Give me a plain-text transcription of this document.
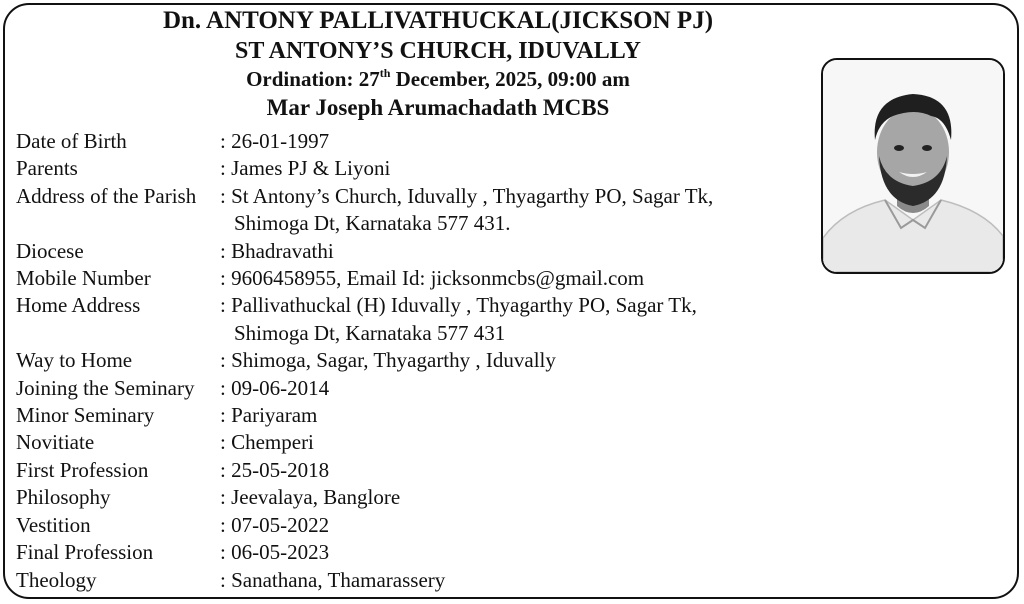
Dn. ANTONY PALLIVATHUCKAL(JICKSON PJ)
ST ANTONY’S CHURCH, IDUVALLY
Ordination: 27th December, 2025, 09:00 am
Mar Joseph Arumachadath MCBS
Date of Birth	: 26-01-1997
Parents	: James PJ & Liyoni
Address of the Parish : St Antony’s Church, Iduvally , Thyagarthy PO, Sagar Tk,
Shimoga Dt, Karnataka 577 431.
Diocese	: Bhadravathi
Mobile Number	: 9606458955, Email Id: jicksonmcbs@gmail.com
Home Address	: Pallivathuckal (H) Iduvally , Thyagarthy PO, Sagar Tk,
Shimoga Dt, Karnataka 577 431
Way to Home	: Shimoga, Sagar, Thyagarthy , Iduvally
Joining the Seminary : 09-06-2014
Minor Seminary	: Pariyaram
Novitiate	: Chemperi
First Profession	: 25-05-2018
Philosophy	: Jeevalaya, Banglore
Vestition	: 07-05-2022
Final Profession	: 06-05-2023
Theology	: Sanathana, Thamarassery
